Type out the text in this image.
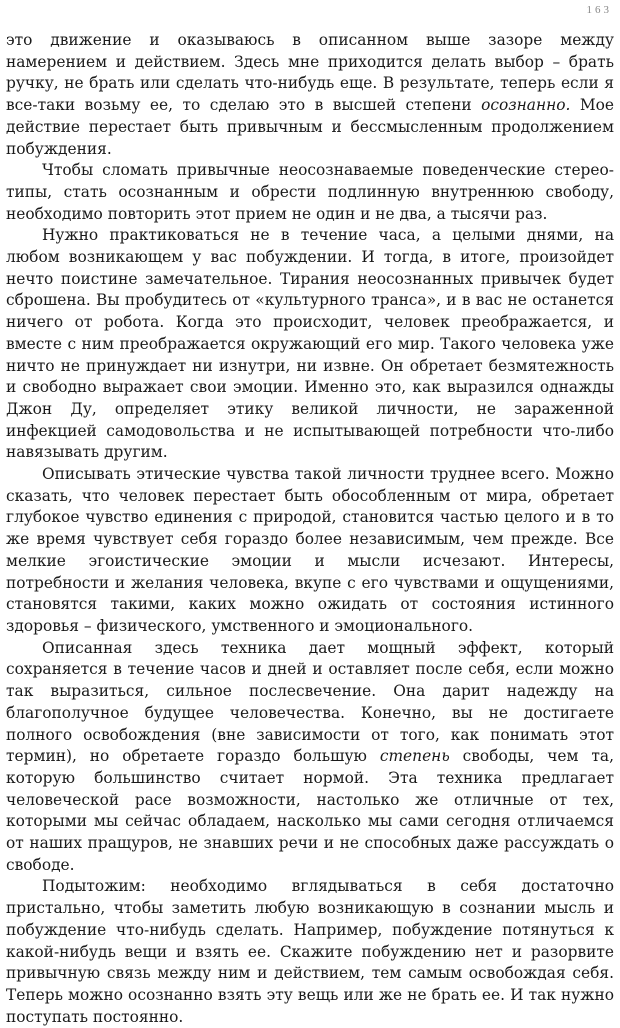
163

это движение и оказываюсь в описанном выше зазоре между намерением и действием. Здесь мне приходится делать выбор – брать ручку, не брать или сделать что-нибудь еще. В результате, теперь если я все-таки возьму ее, то сделаю это в высшей степени осознанно. Мое действие перестает быть привычным и бессмысленным продолжением побуждения.

Чтобы сломать привычные неосознаваемые поведенческие стереотипы, стать осознанным и обрести подлинную внутреннюю свободу, необходимо повторить этот прием не один и не два, а тысячи раз.

Нужно практиковаться не в течение часа, а целыми днями, на любом возникающем у вас побуждении. И тогда, в итоге, произойдет нечто поистине замечательное. Тирания неосознанных привычек будет сброшена. Вы пробудитесь от «культурного транса», и в вас не останется ничего от робота. Когда это происходит, человек преображается, и вместе с ним преображается окружающий его мир. Такого человека уже ничто не принуждает ни изнутри, ни извне. Он обретает безмятежность и свободно выражает свои эмоции. Именно это, как выразился однажды Джон Ду, определяет этику великой личности, не зараженной инфекцией самодовольства и не испытывающей потребности что-либо навязывать другим.

Описывать этические чувства такой личности труднее всего. Можно сказать, что человек перестает быть обособленным от мира, обретает глубокое чувство единения с природой, становится частью целого и в то же время чувствует себя гораздо более независимым, чем прежде. Все мелкие эгоистические эмоции и мысли исчезают. Интересы, потребности и желания человека, вкупе с его чувствами и ощущениями, становятся такими, каких можно ожидать от состояния истинного здоровья – физического, умственного и эмоционального.

Описанная здесь техника дает мощный эффект, который сохраняется в течение часов и дней и оставляет после себя, если можно так выразиться, сильное послесвечение. Она дарит надежду на благополучное будущее человечества. Конечно, вы не достигаете полного освобождения (вне зависимости от того, как понимать этот термин), но обретаете гораздо большую степень свободы, чем та, которую большинство считает нормой. Эта техника предлагает человеческой расе возможности, настолько же отличные от тех, которыми мы сейчас обладаем, насколько мы сами сегодня отличаемся от наших пращуров, не знавших речи и не способных даже рассуждать о свободе.

Подытожим: необходимо вглядываться в себя достаточно пристально, чтобы заметить любую возникающую в сознании мысль и побуждение что-нибудь сделать. Например, побуждение потянуться к какой-нибудь вещи и взять ее. Скажите побуждению нет и разорвите привычную связь между ним и действием, тем самым освобождая себя. Теперь можно осознанно взять эту вещь или же не брать ее. И так нужно поступать постоянно.
